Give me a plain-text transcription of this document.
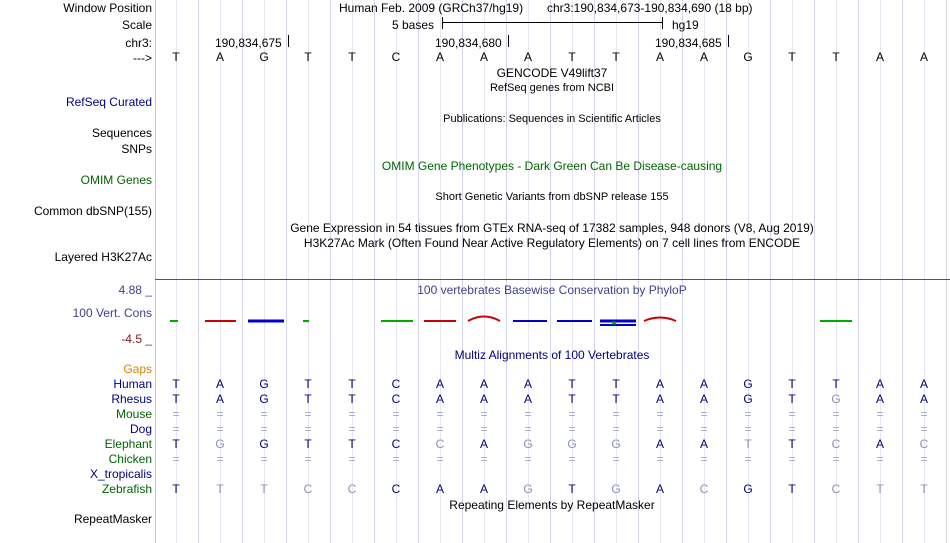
Window Position	Human Feb. 2009 (GRCh37/hg19) chr3:190,834,673-190,834,690 (18 bp)
Scale	5 bases	hg19
chr3:	190,834,675	190,834,680	190,834,685
---> T	A	G	T	T	C	A	A	A	T	T	A	A	G	T	T	A	A
GENCODE V49lift37
RefSeq genes from NCBI
RefSeq Curated
Publications: Sequences in Scientific Articles
Sequences
SNPs
OMIM Gene Phenotypes - Dark Green Can Be Disease-causing
OMIM Genes
Short Genetic Variants from dbSNP release 155
Common dbSNP(155)
Gene Expression in 54 tissues from GTEx RNA-seq of 17382 samples, 948 donors (V8, Aug 2019)
H3K27Ac Mark (Often Found Near Active Regulatory Elements) on 7 cell lines from ENCODE
Layered H3K27Ac
4.88 _	100 vertebrates Basewise Conservation by PhyloP
100 Vert. Cons
-4.5 _
Multiz Alignments of 100 Vertebrates
Gaps
Human T	A	G	T	T	C	A	A	A	T	T	A	A	G	T	T	A	A
Rhesus T	A	G	T	T	C	A	A	A	T	T	A	A	G	T	G	A	A
Mouse =	=	=	=	=	=	=	=	=	=	=	=	=	=	=	=	=	=
Dog =	=	=	=	=	=	=	=	=	=	=	=	=	=	=	=	=	=
Elephant T	G	G	T	T	C	C	A	G	G	G	A	A	T	T	C	A	C
Chicken =	=	=	=	=	=	=	=	=	=	=	=	=	=	=	=	=	=
X_tropicalis
Zebrafish T	T	T	C	C	C	A	A	G	T	G	A	C	G	T	C	T	T
Repeating Elements by RepeatMasker
RepeatMasker
